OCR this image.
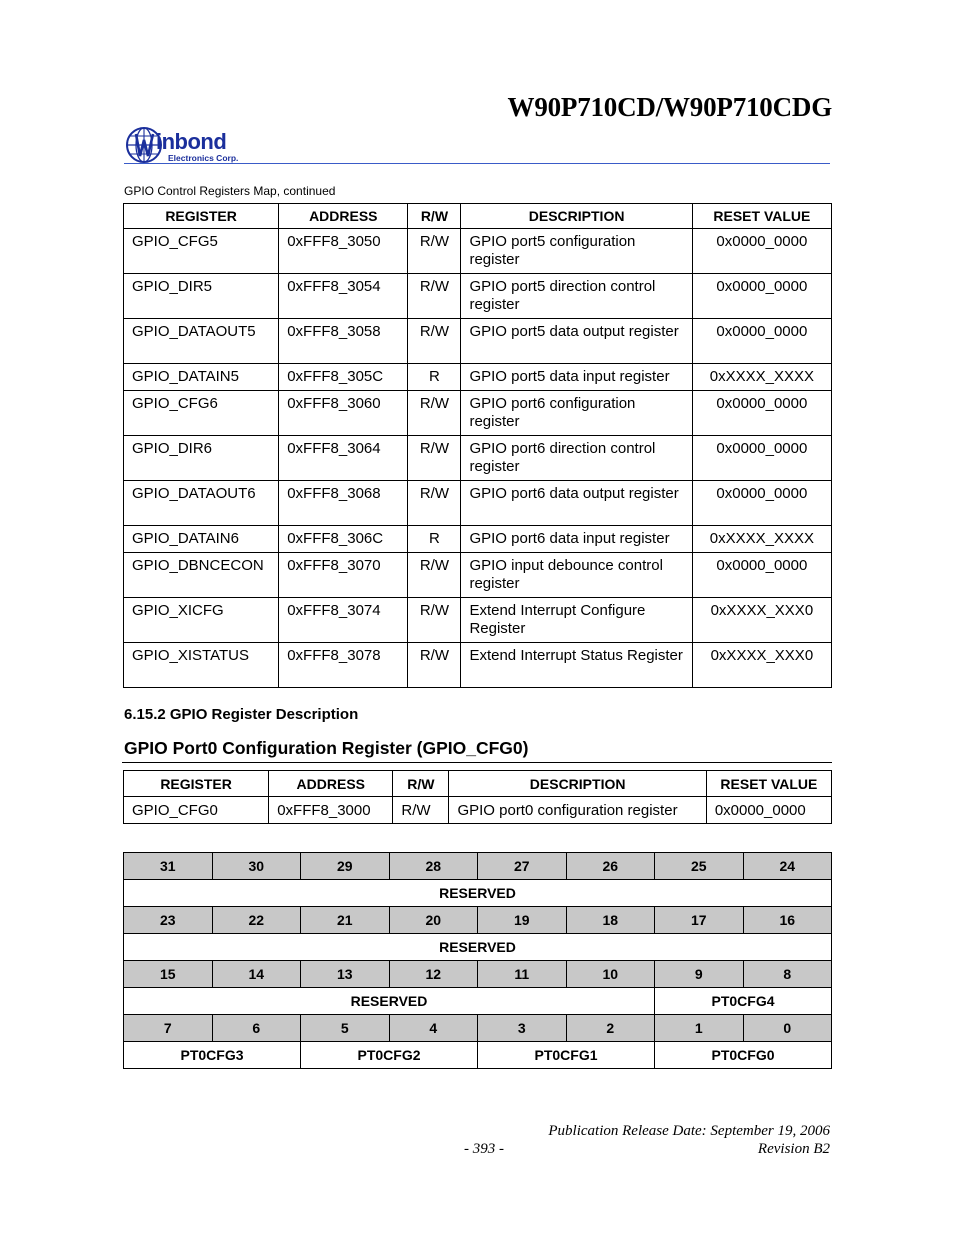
W90P710CD/W90P710CDG
inbond
Electronics Corp.
GPIO Control Registers Map, continued
REGISTER	ADDRESS	R/W	DESCRIPTION	RESET VALUE
GPIO_CFG5	0xFFF8_3050	R/W	GPIO port5 configuration register	0x0000_0000
GPIO_DIR5	0xFFF8_3054	R/W	GPIO port5 direction control register	0x0000_0000
GPIO_DATAOUT5	0xFFF8_3058	R/W	GPIO port5 data output register	0x0000_0000
GPIO_DATAIN5	0xFFF8_305C	R	GPIO port5 data input register	0xXXXX_XXXX
GPIO_CFG6	0xFFF8_3060	R/W	GPIO port6 configuration register	0x0000_0000
GPIO_DIR6	0xFFF8_3064	R/W	GPIO port6 direction control register	0x0000_0000
GPIO_DATAOUT6	0xFFF8_3068	R/W	GPIO port6 data output register	0x0000_0000
GPIO_DATAIN6	0xFFF8_306C	R	GPIO port6 data input register	0xXXXX_XXXX
GPIO_DBNCECON	0xFFF8_3070	R/W	GPIO input debounce control register	0x0000_0000
GPIO_XICFG	0xFFF8_3074	R/W	Extend Interrupt Configure Register	0xXXXX_XXX0
GPIO_XISTATUS	0xFFF8_3078	R/W	Extend Interrupt Status Register	0xXXXX_XXX0
6.15.2 GPIO Register Description
GPIO Port0 Configuration Register (GPIO_CFG0)
REGISTER	ADDRESS	R/W	DESCRIPTION	RESET VALUE
GPIO_CFG0	0xFFF8_3000	R/W	GPIO port0 configuration register	0x0000_0000
31	30	29	28	27	26	25	24
RESERVED							
23	22	21	20	19	18	17	16
RESERVED							
15	14	13	12	11	10	9	8
RESERVED						PT0CFG4	
7	6	5	4	3	2	1	0
PT0CFG3		PT0CFG2		PT0CFG1		PT0CFG0	
Publication Release Date: September 19, 2006
- 393 -	Revision B2
